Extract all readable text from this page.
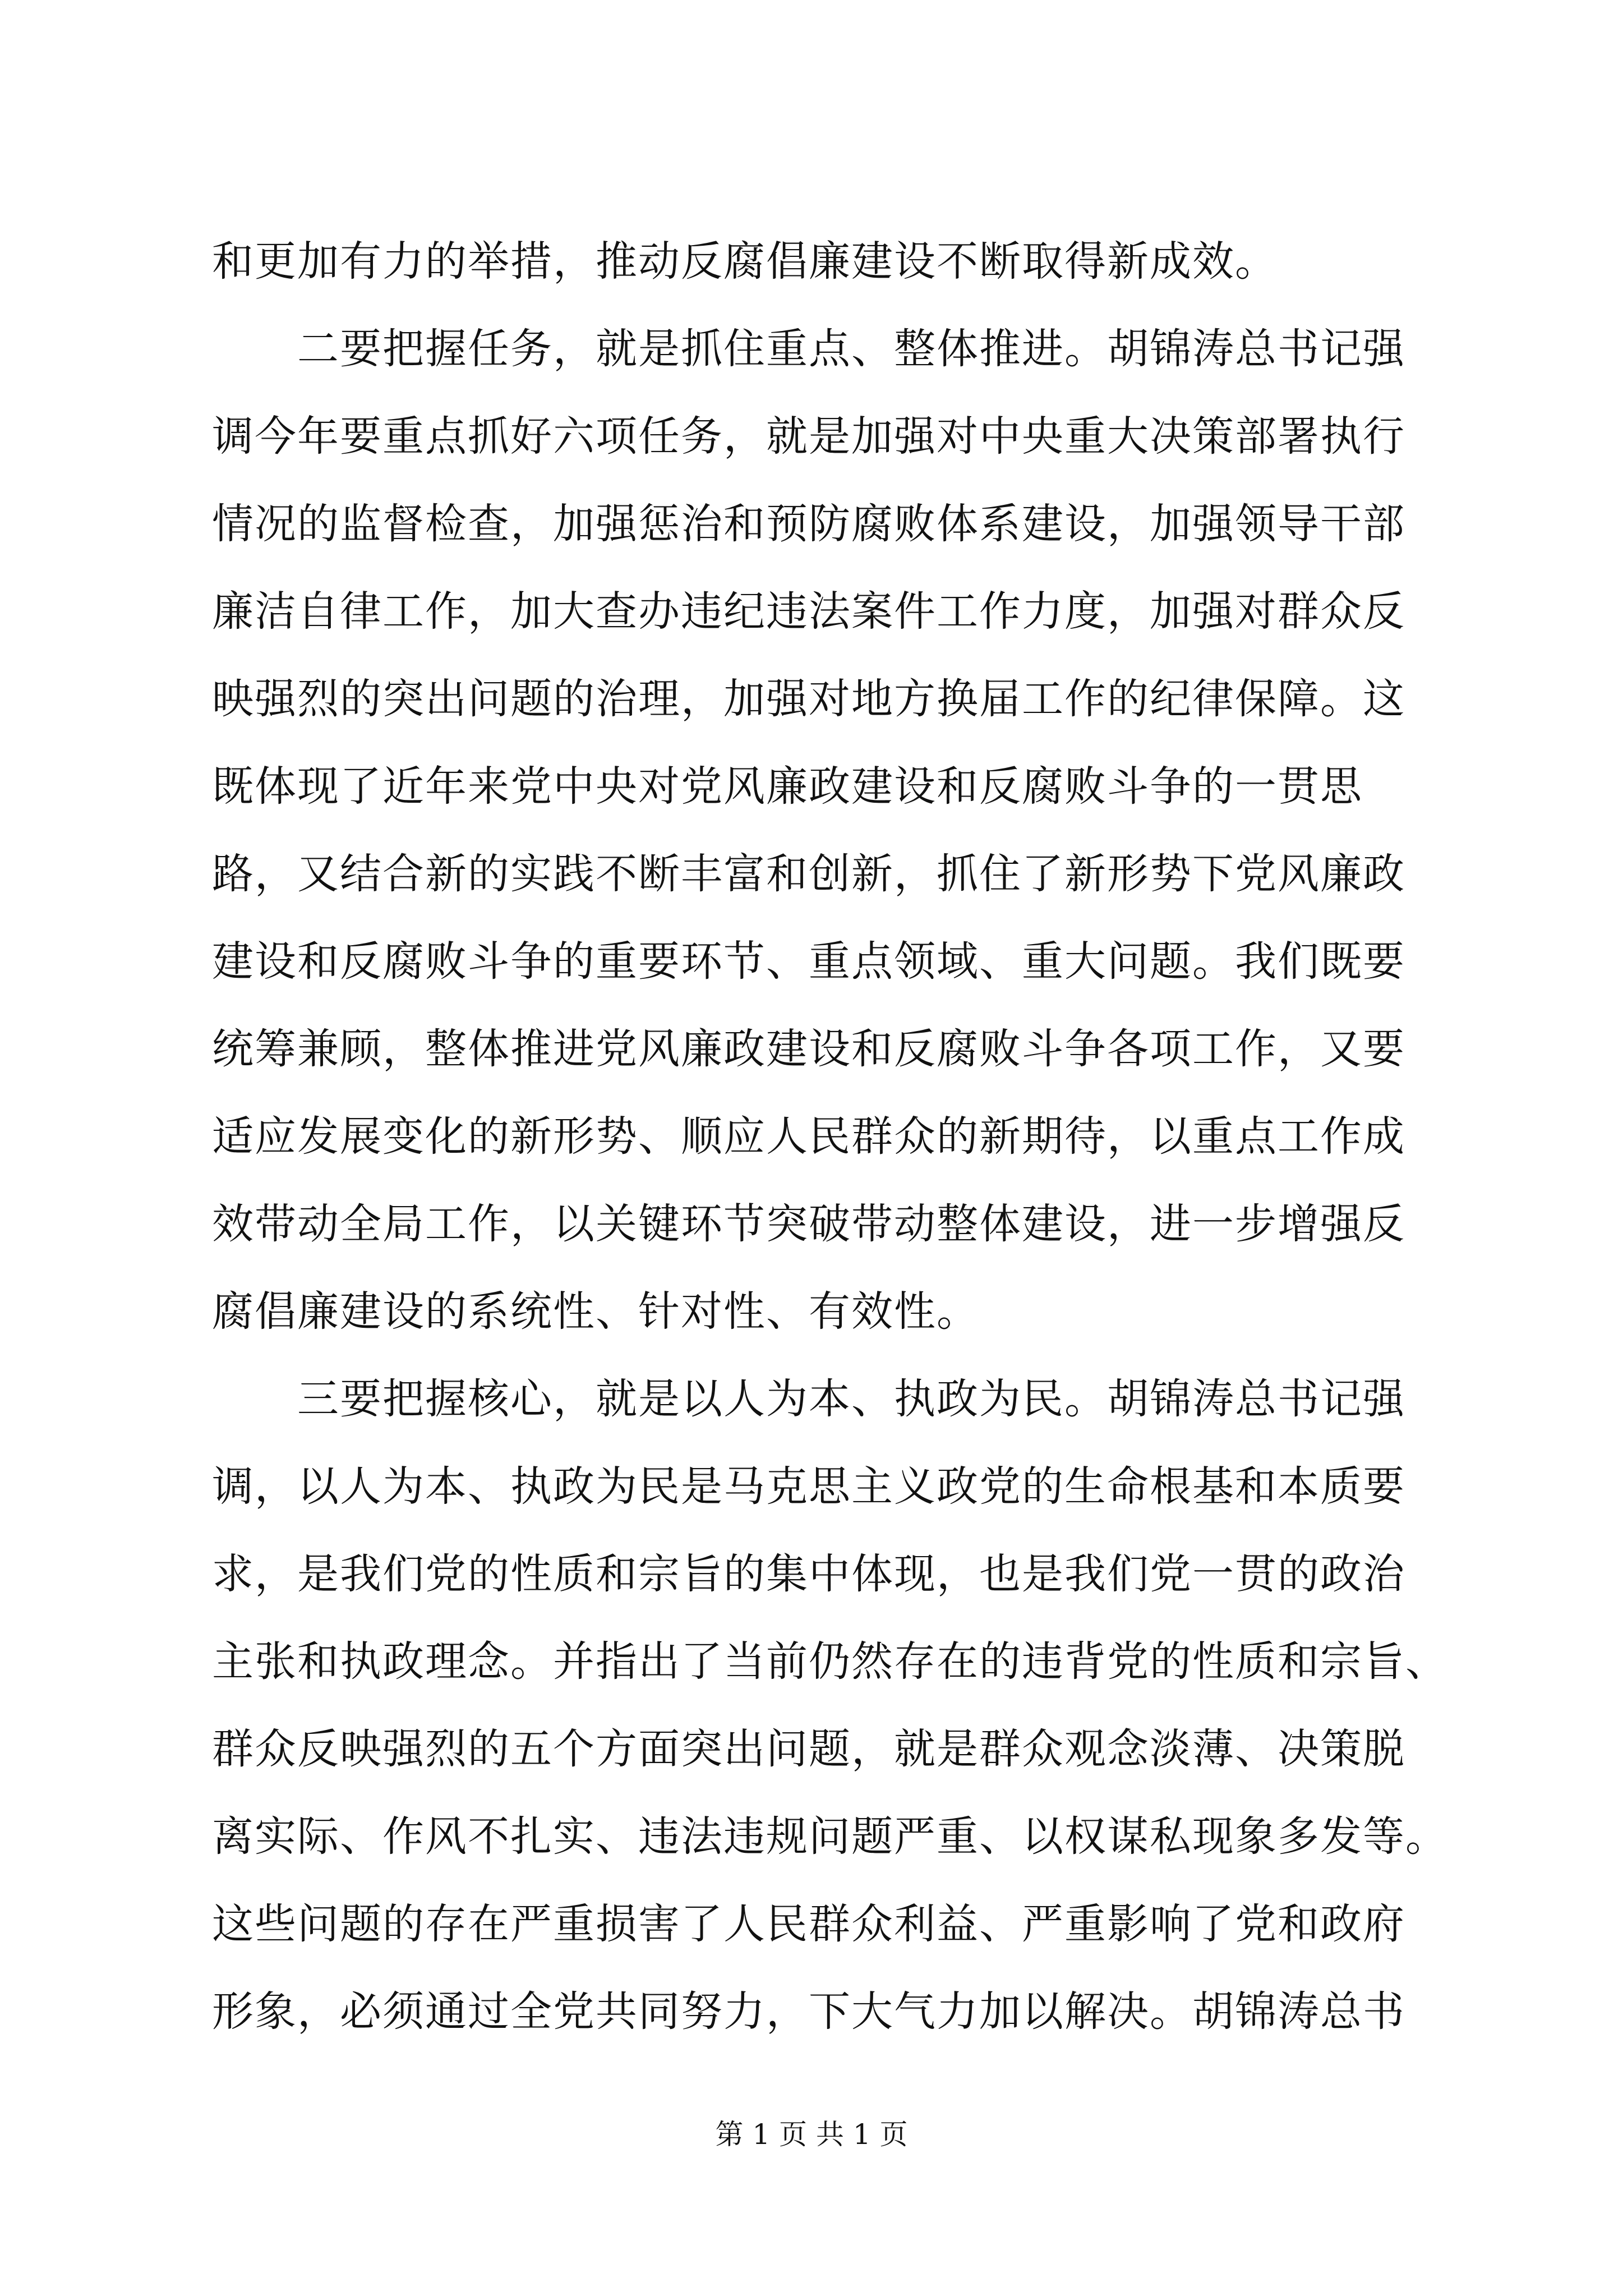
和更加有力的举措，推动反腐倡廉建设不断取得新成效。
　　二要把握任务，就是抓住重点、整体推进。胡锦涛总书记强
调今年要重点抓好六项任务，就是加强对中央重大决策部署执行
情况的监督检查，加强惩治和预防腐败体系建设，加强领导干部
廉洁自律工作，加大查办违纪违法案件工作力度，加强对群众反
映强烈的突出问题的治理，加强对地方换届工作的纪律保障。这
既体现了近年来党中央对党风廉政建设和反腐败斗争的一贯思
路，又结合新的实践不断丰富和创新，抓住了新形势下党风廉政
建设和反腐败斗争的重要环节、重点领域、重大问题。我们既要
统筹兼顾，整体推进党风廉政建设和反腐败斗争各项工作，又要
适应发展变化的新形势、顺应人民群众的新期待，以重点工作成
效带动全局工作，以关键环节突破带动整体建设，进一步增强反
腐倡廉建设的系统性、针对性、有效性。
　　三要把握核心，就是以人为本、执政为民。胡锦涛总书记强
调，以人为本、执政为民是马克思主义政党的生命根基和本质要
求，是我们党的性质和宗旨的集中体现，也是我们党一贯的政治
主张和执政理念。并指出了当前仍然存在的违背党的性质和宗旨、
群众反映强烈的五个方面突出问题，就是群众观念淡薄、决策脱
离实际、作风不扎实、违法违规问题严重、以权谋私现象多发等。
这些问题的存在严重损害了人民群众利益、严重影响了党和政府
形象，必须通过全党共同努力，下大气力加以解决。胡锦涛总书
第 1 页 共 1 页
